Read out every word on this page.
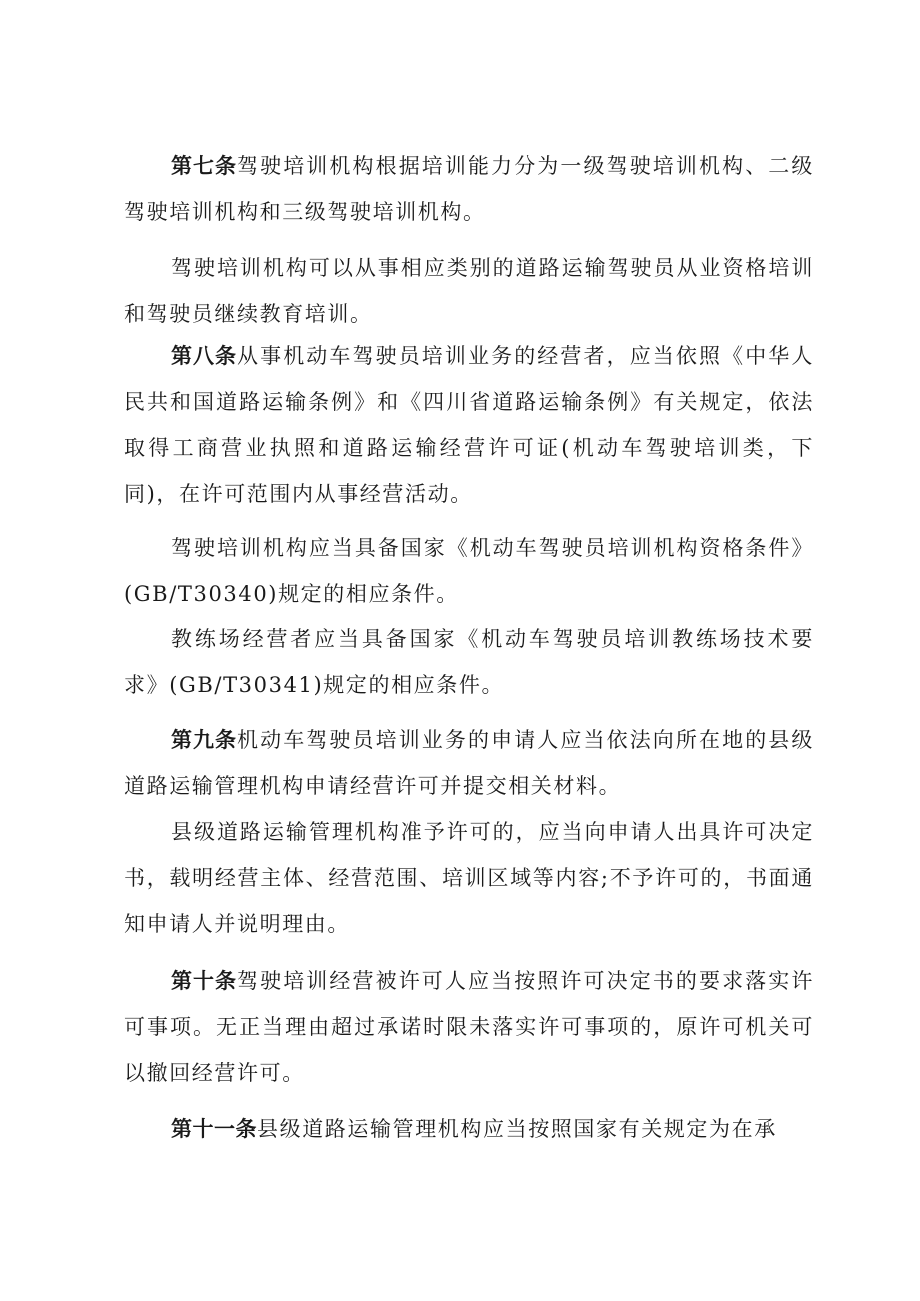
第七条驾驶培训机构根据培训能力分为一级驾驶培训机构、二级驾驶培训机构和三级驾驶培训机构。

驾驶培训机构可以从事相应类别的道路运输驾驶员从业资格培训和驾驶员继续教育培训。

第八条从事机动车驾驶员培训业务的经营者，应当依照《中华人民共和国道路运输条例》和《四川省道路运输条例》有关规定，依法取得工商营业执照和道路运输经营许可证(机动车驾驶培训类，下同)，在许可范围内从事经营活动。

驾驶培训机构应当具备国家《机动车驾驶员培训机构资格条件》(GB/T30340)规定的相应条件。

教练场经营者应当具备国家《机动车驾驶员培训教练场技术要求》(GB/T30341)规定的相应条件。

第九条机动车驾驶员培训业务的申请人应当依法向所在地的县级道路运输管理机构申请经营许可并提交相关材料。

县级道路运输管理机构准予许可的，应当向申请人出具许可决定书，载明经营主体、经营范围、培训区域等内容;不予许可的，书面通知申请人并说明理由。

第十条驾驶培训经营被许可人应当按照许可决定书的要求落实许可事项。无正当理由超过承诺时限未落实许可事项的，原许可机关可以撤回经营许可。

第十一条县级道路运输管理机构应当按照国家有关规定为在承
